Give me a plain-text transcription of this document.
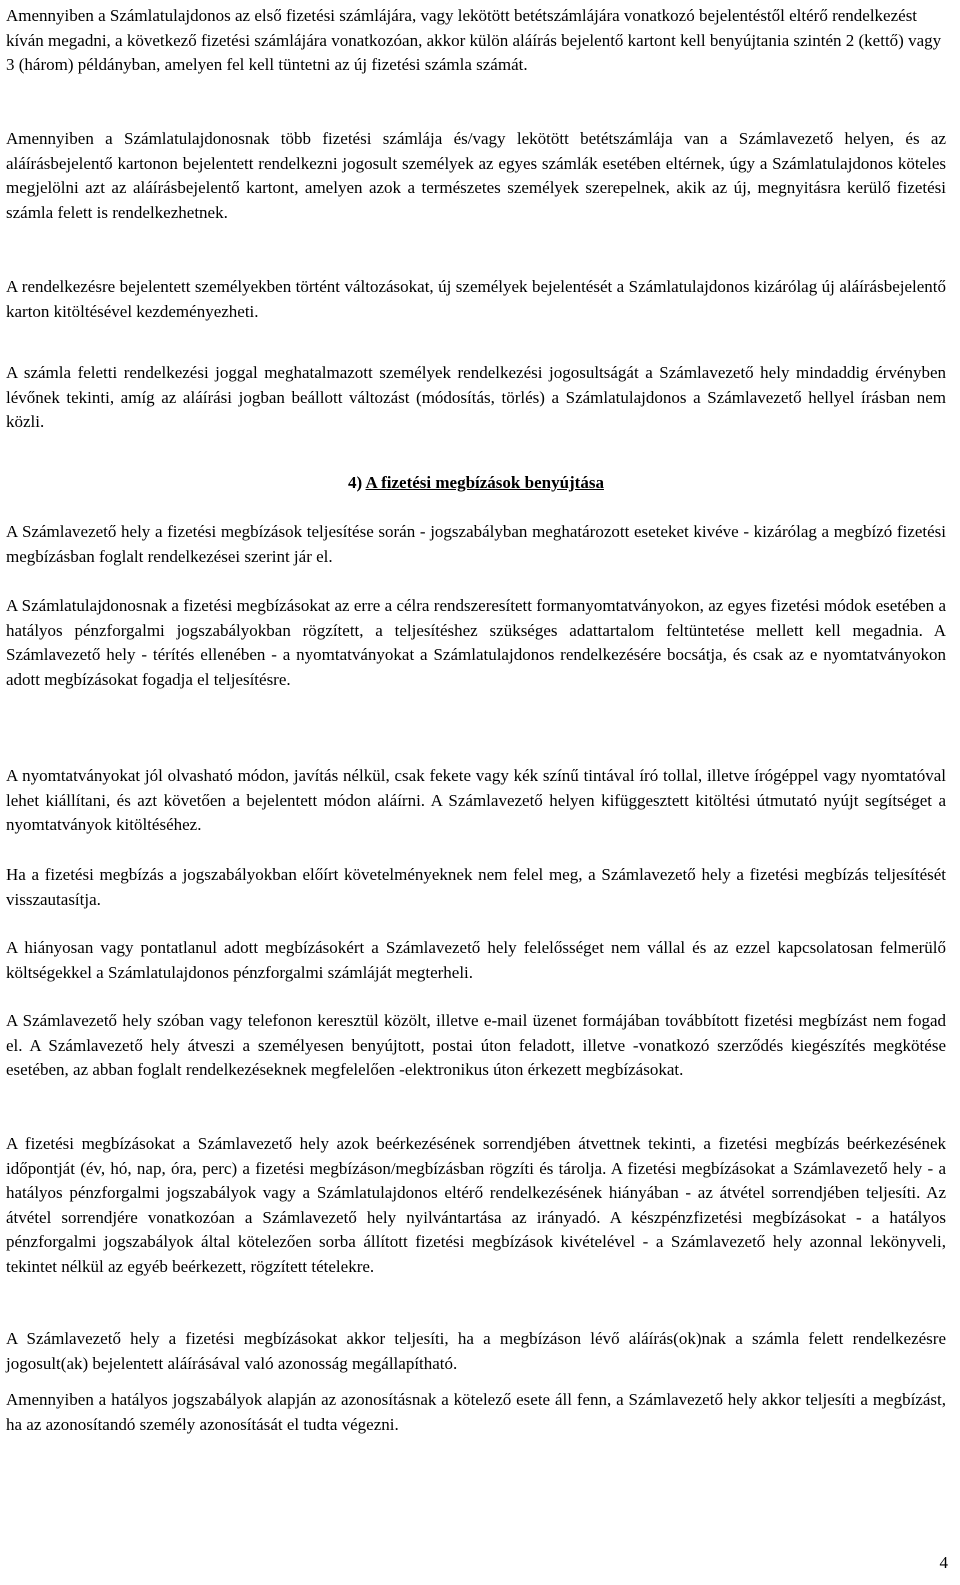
Amennyiben a Számlatulajdonos az első fizetési számlájára, vagy lekötött betétszámlájára vonatkozó bejelentéstől eltérő rendelkezést kíván megadni, a következő fizetési számlájára vonatkozóan, akkor külön aláírás bejelentő kartont kell benyújtania szintén 2 (kettő) vagy 3 (három) példányban, amelyen fel kell tüntetni az új fizetési számla számát.

Amennyiben a Számlatulajdonosnak több fizetési számlája és/vagy lekötött betétszámlája van a Számlavezető helyen, és az aláírásbejelentő kartonon bejelentett rendelkezni jogosult személyek az egyes számlák esetében eltérnek, úgy a Számlatulajdonos köteles megjelölni azt az aláírásbejelentő kartont, amelyen azok a természetes személyek szerepelnek, akik az új, megnyitásra kerülő fizetési számla felett is rendelkezhetnek.

A rendelkezésre bejelentett személyekben történt változásokat, új személyek bejelentését a Számlatulajdonos kizárólag új aláírásbejelentő karton kitöltésével kezdeményezheti.

A számla feletti rendelkezési joggal meghatalmazott személyek rendelkezési jogosultságát a Számlavezető hely mindaddig érvényben lévőnek tekinti, amíg az aláírási jogban beállott változást (módosítás, törlés) a Számlatulajdonos a Számlavezető hellyel írásban nem közli.

4) A fizetési megbízások benyújtása

A Számlavezető hely a fizetési megbízások teljesítése során - jogszabályban meghatározott eseteket kivéve - kizárólag a megbízó fizetési megbízásban foglalt rendelkezései szerint jár el.

A Számlatulajdonosnak a fizetési megbízásokat az erre a célra rendszeresített formanyomtatványokon, az egyes fizetési módok esetében a hatályos pénzforgalmi jogszabályokban rögzített, a teljesítéshez szükséges adattartalom feltüntetése mellett kell megadnia. A Számlavezető hely - térítés ellenében - a nyomtatványokat a Számlatulajdonos rendelkezésére bocsátja, és csak az e nyomtatványokon adott megbízásokat fogadja el teljesítésre.

A nyomtatványokat jól olvasható módon, javítás nélkül, csak fekete vagy kék színű tintával író tollal, illetve írógéppel vagy nyomtatóval lehet kiállítani, és azt követően a bejelentett módon aláírni. A Számlavezető helyen kifüggesztett kitöltési útmutató nyújt segítséget a nyomtatványok kitöltéséhez.

Ha a fizetési megbízás a jogszabályokban előírt követelményeknek nem felel meg, a Számlavezető hely a fizetési megbízás teljesítését visszautasítja.

A hiányosan vagy pontatlanul adott megbízásokért a Számlavezető hely felelősséget nem vállal és az ezzel kapcsolatosan felmerülő költségekkel a Számlatulajdonos pénzforgalmi számláját megterheli.

A Számlavezető hely szóban vagy telefonon keresztül közölt, illetve e-mail üzenet formájában továbbított fizetési megbízást nem fogad el. A Számlavezető hely átveszi a személyesen benyújtott, postai úton feladott, illetve -vonatkozó szerződés kiegészítés megkötése esetében, az abban foglalt rendelkezéseknek megfelelően -elektronikus úton érkezett megbízásokat.

A fizetési megbízásokat a Számlavezető hely azok beérkezésének sorrendjében átvettnek tekinti, a fizetési megbízás beérkezésének időpontját (év, hó, nap, óra, perc) a fizetési megbízáson/megbízásban rögzíti és tárolja. A fizetési megbízásokat a Számlavezető hely - a hatályos pénzforgalmi jogszabályok vagy a Számlatulajdonos eltérő rendelkezésének hiányában - az átvétel sorrendjében teljesíti. Az átvétel sorrendjére vonatkozóan a Számlavezető hely nyilvántartása az irányadó. A készpénzfizetési megbízásokat - a hatályos pénzforgalmi jogszabályok által kötelezően sorba állított fizetési megbízások kivételével - a Számlavezető hely azonnal lekönyveli, tekintet nélkül az egyéb beérkezett, rögzített tételekre.

A Számlavezető hely a fizetési megbízásokat akkor teljesíti, ha a megbízáson lévő aláírás(ok)nak a számla felett rendelkezésre jogosult(ak) bejelentett aláírásával való azonosság megállapítható.

Amennyiben a hatályos jogszabályok alapján az azonosításnak a kötelező esete áll fenn, a Számlavezető hely akkor teljesíti a megbízást, ha az azonosítandó személy azonosítását el tudta végezni.

4
